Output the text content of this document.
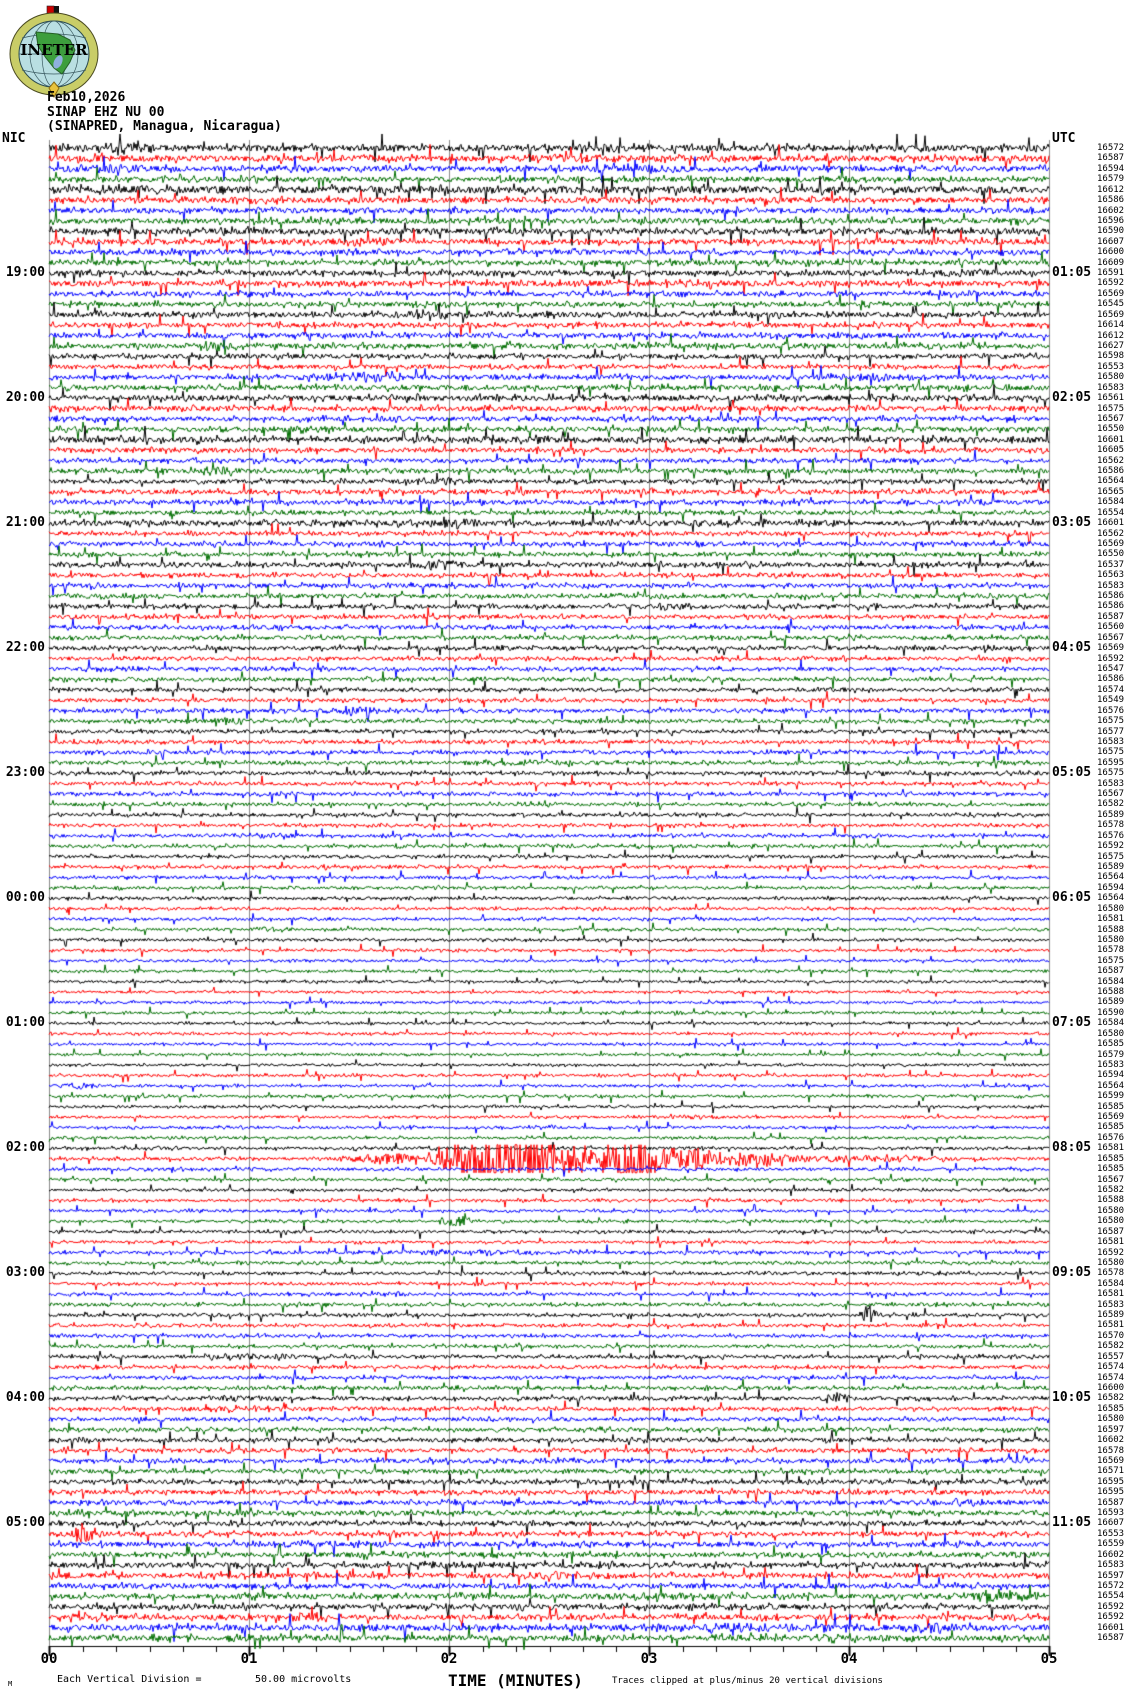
19:00
20:00
21:00
22:00
23:00
00:00
01:00
02:00
03:00
04:00
05:00
01:05
02:05
03:05
04:05
05:05
06:05
07:05
08:05
09:05
10:05
11:05
16572
16587
16594
16579
16612
16586
16602
16596
16590
16607
16600
16609
16591
16592
16569
16545
16569
16614
16612
16627
16598
16553
16580
16583
16561
16575
16567
16550
16601
16605
16562
16586
16564
16565
16584
16554
16601
16562
16569
16550
16537
16563
16583
16586
16586
16587
16560
16567
16569
16592
16547
16586
16574
16549
16576
16575
16577
16583
16575
16595
16575
16583
16567
16582
16589
16578
16576
16592
16575
16589
16564
16594
16564
16580
16581
16588
16580
16578
16575
16587
16584
16588
16589
16590
16584
16580
16585
16579
16583
16594
16564
16599
16585
16569
16585
16576
16581
16585
16585
16567
16582
16588
16580
16580
16587
16581
16592
16580
16578
16584
16581
16583
16589
16581
16570
16582
16557
16574
16574
16600
16582
16585
16580
16597
16602
16578
16569
16571
16595
16595
16587
16593
16607
16553
16559
16602
16583
16597
16572
16554
16592
16592
16601
16587
00	01	02	03	04	05
M	Each Vertical Division =	50.00 microvolts	TIME (MINUTES)	Traces clipped at plus/minus 20 vertical divisions
